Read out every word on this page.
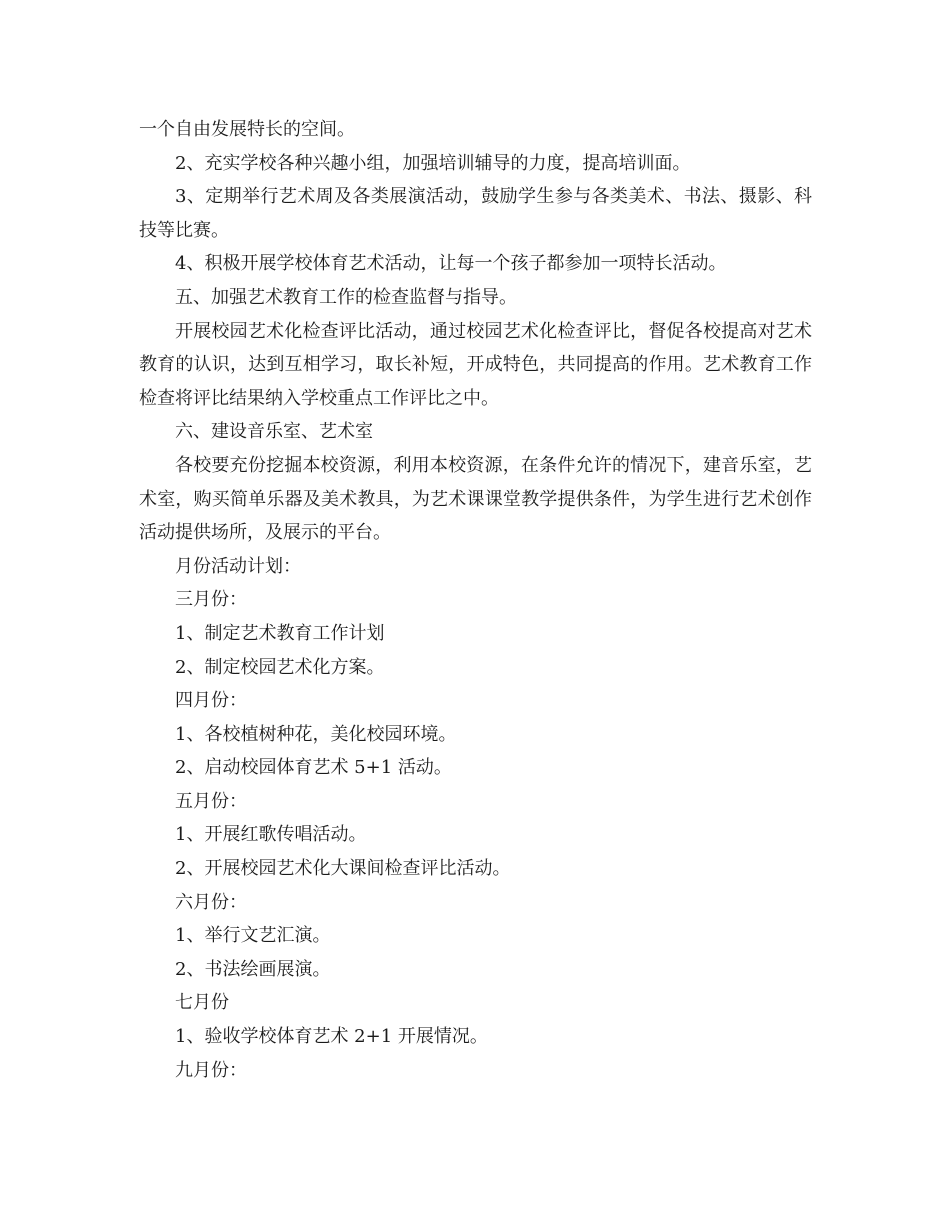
一个自由发展特长的空间。

2、充实学校各种兴趣小组，加强培训辅导的力度，提高培训面。

3、定期举行艺术周及各类展演活动，鼓励学生参与各类美术、书法、摄影、科技等比赛。

4、积极开展学校体育艺术活动，让每一个孩子都参加一项特长活动。

五、加强艺术教育工作的检查监督与指导。

开展校园艺术化检查评比活动，通过校园艺术化检查评比，督促各校提高对艺术教育的认识，达到互相学习，取长补短，开成特色，共同提高的作用。艺术教育工作检查将评比结果纳入学校重点工作评比之中。

六、建设音乐室、艺术室

各校要充份挖掘本校资源，利用本校资源，在条件允许的情况下，建音乐室，艺术室，购买简单乐器及美术教具，为艺术课课堂教学提供条件，为学生进行艺术创作活动提供场所，及展示的平台。

月份活动计划：

三月份：

1、制定艺术教育工作计划

2、制定校园艺术化方案。

四月份：

1、各校植树种花，美化校园环境。

2、启动校园体育艺术 5+1 活动。

五月份：

1、开展红歌传唱活动。

2、开展校园艺术化大课间检查评比活动。

六月份：

1、举行文艺汇演。

2、书法绘画展演。

七月份

1、验收学校体育艺术 2+1 开展情况。

九月份：
